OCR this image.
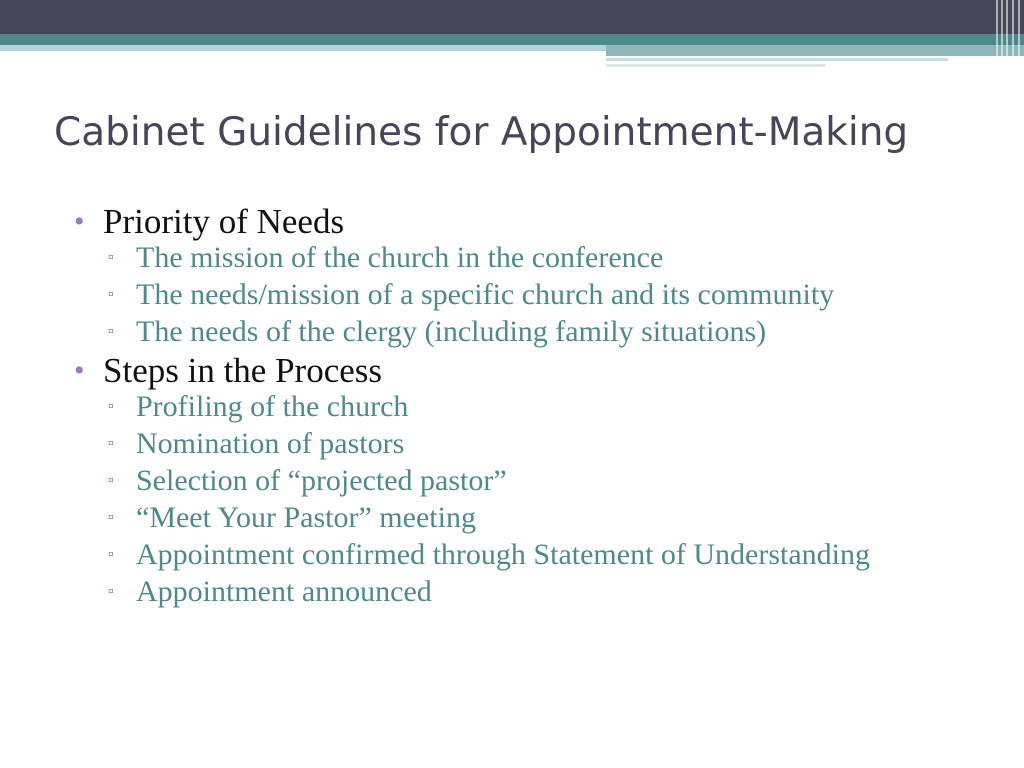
Cabinet Guidelines for Appointment-Making

• Priority of Needs

▫ The mission of the church in the conference
▫ The needs/mission of a specific church and its community
▫ The needs of the clergy (including family situations)

• Steps in the Process

▫ Profiling of the church
▫ Nomination of pastors
▫ Selection of “projected pastor”
▫ “Meet Your Pastor” meeting
▫ Appointment confirmed through Statement of Understanding
▫ Appointment announced
